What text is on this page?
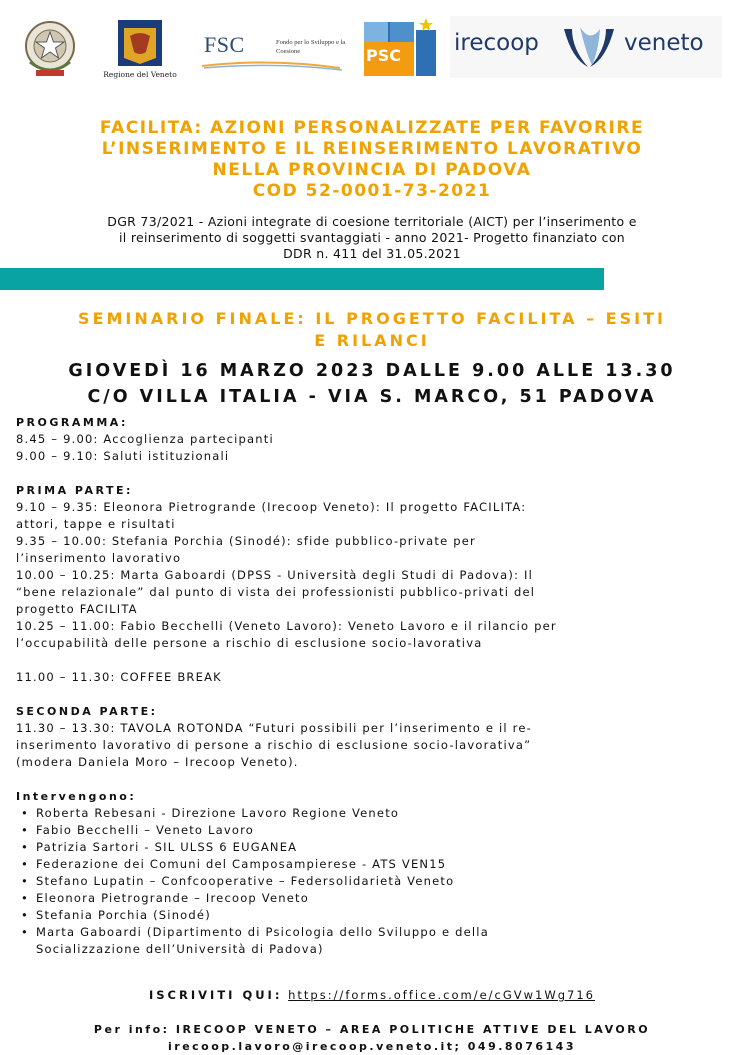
Regione del Veneto
FSC	Fondo per lo Sviluppo e la Coesione	PSC irecoop	veneto
FACILITA: AZIONI PERSONALIZZATE PER FAVORIRE
L’INSERIMENTO E IL REINSERIMENTO LAVORATIVO
NELLA PROVINCIA DI PADOVA
COD 52-0001-73-2021
DGR 73/2021 - Azioni integrate di coesione territoriale (AICT) per l’inserimento e
il reinserimento di soggetti svantaggiati - anno 2021- Progetto finanziato con
DDR n. 411 del 31.05.2021
SEMINARIO FINALE: IL PROGETTO FACILITA – ESITI
E RILANCI
GIOVEDÌ 16 MARZO 2023 DALLE 9.00 ALLE 13.30
C/O VILLA ITALIA - VIA S. MARCO, 51 PADOVA

PROGRAMMA:

8.45 – 9.00: Accoglienza partecipanti

9.00 – 9.10: Saluti istituzionali

PRIMA PARTE:

9.10 – 9.35: Eleonora Pietrogrande (Irecoop Veneto): Il progetto FACILITA:

attori, tappe e risultati

9.35 – 10.00: Stefania Porchia (Sinodé): sfide pubblico-private per

l’inserimento lavorativo

10.00 – 10.25: Marta Gaboardi (DPSS - Università degli Studi di Padova): Il

“bene relazionale” dal punto di vista dei professionisti pubblico-privati del

progetto FACILITA

10.25 – 11.00: Fabio Becchelli (Veneto Lavoro): Veneto Lavoro e il rilancio per

l’occupabilità delle persone a rischio di esclusione socio-lavorativa

11.00 – 11.30: COFFEE BREAK

SECONDA PARTE:

11.30 – 13.30: TAVOLA ROTONDA “Futuri possibili per l’inserimento e il re-

inserimento lavorativo di persone a rischio di esclusione socio-lavorativa”

(modera Daniela Moro – Irecoop Veneto).

Intervengono:

• Roberta Rebesani - Direzione Lavoro Regione Veneto
• Fabio Becchelli – Veneto Lavoro
• Patrizia Sartori - SIL ULSS 6 EUGANEA
• Federazione dei Comuni del Camposampierese - ATS VEN15
• Stefano Lupatin – Confcooperative – Federsolidarietà Veneto
• Eleonora Pietrogrande – Irecoop Veneto
• Stefania Porchia (Sinodé)
• Marta Gaboardi (Dipartimento di Psicologia dello Sviluppo e della
Socializzazione dell’Università di Padova)
ISCRIVITI QUI: https://forms.office.com/e/cGVw1Wg716
Per info: IRECOOP VENETO – AREA POLITICHE ATTIVE DEL LAVORO
irecoop.lavoro@irecoop.veneto.it; 049.8076143
